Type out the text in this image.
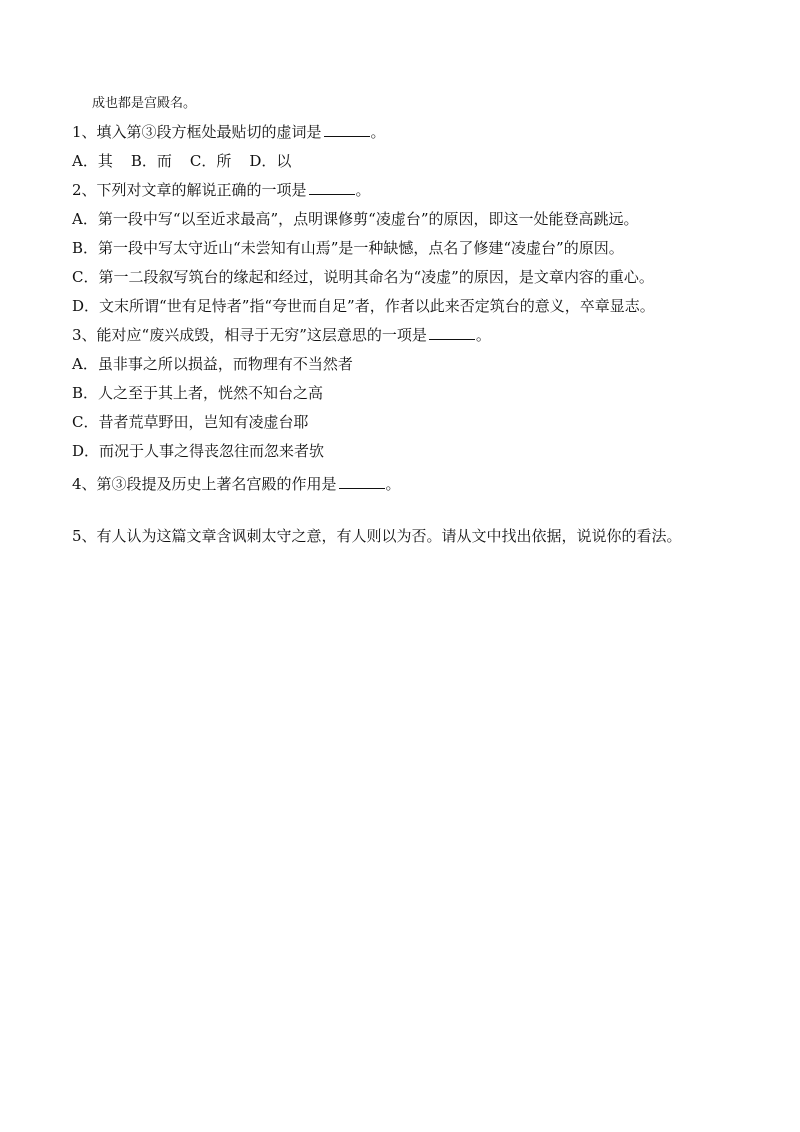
成也都是宫殿名。
1、填入第③段方框处最贴切的虚词是	。
A．其 B．而 C．所 D．以
2、下列对文章的解说正确的一项是	。
A．第一段中写“以至近求最高”，点明课修剪“凌虚台”的原因，即这一处能登高跳远。
B．第一段中写太守近山“未尝知有山焉”是一种缺憾，点名了修建“凌虚台”的原因。
C．第一二段叙写筑台的缘起和经过，说明其命名为“凌虚”的原因，是文章内容的重心。
D．文末所谓“世有足恃者”指“夸世而自足”者，作者以此来否定筑台的意义，卒章显志。
3、能对应“废兴成毁，相寻于无穷”这层意思的一项是	。
A．虽非事之所以损益，而物理有不当然者
B．人之至于其上者，恍然不知台之高
C．昔者荒草野田，岂知有凌虚台耶
D．而况于人事之得丧忽往而忽来者欤
4、第③段提及历史上著名宫殿的作用是	。
5、有人认为这篇文章含讽刺太守之意，有人则以为否。请从文中找出依据，说说你的看法。
